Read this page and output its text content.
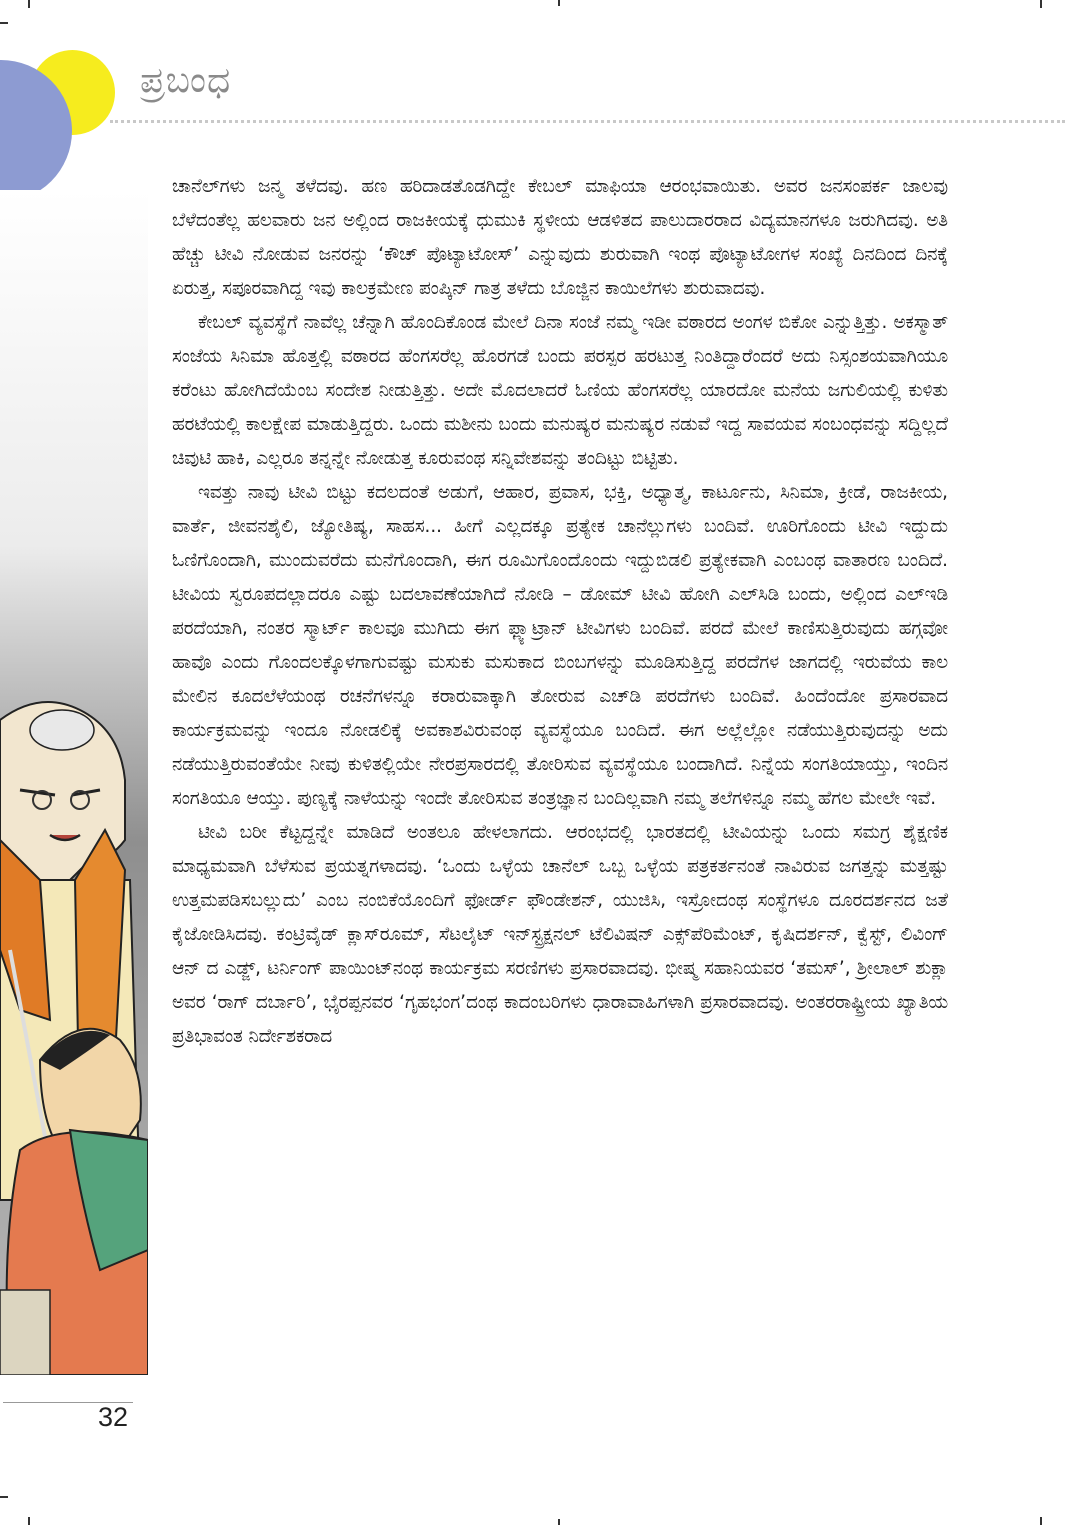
ಪ್ರಬಂಧ

ಚಾನೆಲ್‌ಗಳು ಜನ್ಮ ತಳೆದವು. ಹಣ ಹರಿದಾಡತೊಡಗಿದ್ದೇ ಕೇಬಲ್ ಮಾಫಿಯಾ ಆರಂಭವಾಯಿತು. ಅವರ ಜನಸಂಪರ್ಕ ಜಾಲವು ಬೆಳೆದಂತೆಲ್ಲ ಹಲವಾರು ಜನ ಅಲ್ಲಿಂದ ರಾಜಕೀಯಕ್ಕೆ ಧುಮುಕಿ ಸ್ಥಳೀಯ ಆಡಳಿತದ ಪಾಲುದಾರರಾದ ವಿದ್ಯಮಾನಗಳೂ ಜರುಗಿದವು. ಅತಿ ಹೆಚ್ಚು ಟೀವಿ ನೋಡುವ ಜನರನ್ನು ‘ಕೌಚ್ ಪೊಟ್ಯಾಟೋಸ್’ ಎನ್ನುವುದು ಶುರುವಾಗಿ ಇಂಥ ಪೊಟ್ಯಾಟೋಗಳ ಸಂಖ್ಯೆ ದಿನದಿಂದ ದಿನಕ್ಕೆ ಏರುತ್ತ, ಸಪೂರವಾಗಿದ್ದ ಇವು ಕಾಲಕ್ರಮೇಣ ಪಂಪ್ಕಿನ್ ಗಾತ್ರ ತಳೆದು ಬೊಜ್ಜಿನ ಕಾಯಿಲೆಗಳು ಶುರುವಾದವು.

ಕೇಬಲ್ ವ್ಯವಸ್ಥೆಗೆ ನಾವೆಲ್ಲ ಚೆನ್ನಾಗಿ ಹೊಂದಿಕೊಂಡ ಮೇಲೆ ದಿನಾ ಸಂಜೆ ನಮ್ಮ ಇಡೀ ವಠಾರದ ಅಂಗಳ ಬಿಕೋ ಎನ್ನುತ್ತಿತ್ತು. ಅಕಸ್ಮಾತ್ ಸಂಜೆಯ ಸಿನಿಮಾ ಹೊತ್ತಲ್ಲಿ ವಠಾರದ ಹೆಂಗಸರೆಲ್ಲ ಹೊರಗಡೆ ಬಂದು ಪರಸ್ಪರ ಹರಟುತ್ತ ನಿಂತಿದ್ದಾರೆಂದರೆ ಅದು ನಿಸ್ಸಂಶಯವಾಗಿಯೂ ಕರೆಂಟು ಹೋಗಿದೆಯೆಂಬ ಸಂದೇಶ ನೀಡುತ್ತಿತ್ತು. ಅದೇ ಮೊದಲಾದರೆ ಓಣಿಯ ಹೆಂಗಸರೆಲ್ಲ ಯಾರದೋ ಮನೆಯ ಜಗುಲಿಯಲ್ಲಿ ಕುಳಿತು ಹರಟೆಯಲ್ಲಿ ಕಾಲಕ್ಷೇಪ ಮಾಡುತ್ತಿದ್ದರು. ಒಂದು ಮಶೀನು ಬಂದು ಮನುಷ್ಯರ ಮನುಷ್ಯರ ನಡುವೆ ಇದ್ದ ಸಾವಯವ ಸಂಬಂಧವನ್ನು ಸದ್ದಿಲ್ಲದೆ ಚಿವುಟಿ ಹಾಕಿ, ಎಲ್ಲರೂ ತನ್ನನ್ನೇ ನೋಡುತ್ತ ಕೂರುವಂಥ ಸನ್ನಿವೇಶವನ್ನು ತಂದಿಟ್ಟು ಬಿಟ್ಟಿತು.

ಇವತ್ತು ನಾವು ಟೀವಿ ಬಿಟ್ಟು ಕದಲದಂತೆ ಅಡುಗೆ, ಆಹಾರ, ಪ್ರವಾಸ, ಭಕ್ತಿ, ಅಧ್ಯಾತ್ಮ, ಕಾರ್ಟೂನು, ಸಿನಿಮಾ, ಕ್ರೀಡೆ, ರಾಜಕೀಯ, ವಾರ್ತೆ, ಜೀವನಶೈಲಿ, ಜ್ಯೋತಿಷ್ಯ, ಸಾಹಸ... ಹೀಗೆ ಎಲ್ಲದಕ್ಕೂ ಪ್ರತ್ಯೇಕ ಚಾನೆಲ್ಲುಗಳು ಬಂದಿವೆ. ಊರಿಗೊಂದು ಟೀವಿ ಇದ್ದುದು ಓಣಿಗೊಂದಾಗಿ, ಮುಂದುವರೆದು ಮನೆಗೊಂದಾಗಿ, ಈಗ ರೂಮಿಗೊಂದೊಂದು ಇದ್ದುಬಿಡಲಿ ಪ್ರತ್ಯೇಕವಾಗಿ ಎಂಬಂಥ ವಾತಾರಣ ಬಂದಿದೆ. ಟೀವಿಯ ಸ್ವರೂಪದಲ್ಲಾದರೂ ಎಷ್ಟು ಬದಲಾವಣೆಯಾಗಿದೆ ನೋಡಿ – ಡೋಮ್ ಟೀವಿ ಹೋಗಿ ಎಲ್‌ಸಿಡಿ ಬಂದು, ಅಲ್ಲಿಂದ ಎಲ್‌ಇಡಿ ಪರದೆಯಾಗಿ, ನಂತರ ಸ್ಮಾರ್ಟ್ ಕಾಲವೂ ಮುಗಿದು ಈಗ ಫ್ಲ್ಯಾಟ್ರಾನ್ ಟೀವಿಗಳು ಬಂದಿವೆ. ಪರದೆ ಮೇಲೆ ಕಾಣಿಸುತ್ತಿರುವುದು ಹಗ್ಗವೋ ಹಾವೊ ಎಂದು ಗೊಂದಲಕ್ಕೊಳಗಾಗುವಷ್ಟು ಮಸುಕು ಮಸುಕಾದ ಬಿಂಬಗಳನ್ನು ಮೂಡಿಸುತ್ತಿದ್ದ ಪರದೆಗಳ ಜಾಗದಲ್ಲಿ ಇರುವೆಯ ಕಾಲ ಮೇಲಿನ ಕೂದಲೆಳೆಯಂಥ ರಚನೆಗಳನ್ನೂ ಕರಾರುವಾಕ್ಕಾಗಿ ತೋರುವ ಎಚ್‌ಡಿ ಪರದೆಗಳು ಬಂದಿವೆ. ಹಿಂದೆಂದೋ ಪ್ರಸಾರವಾದ ಕಾರ್ಯಕ್ರಮವನ್ನು ಇಂದೂ ನೋಡಲಿಕ್ಕೆ ಅವಕಾಶವಿರುವಂಥ ವ್ಯವಸ್ಥೆಯೂ ಬಂದಿದೆ. ಈಗ ಅಲ್ಲೆಲ್ಲೋ ನಡೆಯುತ್ತಿರುವುದನ್ನು ಅದು ನಡೆಯುತ್ತಿರುವಂತೆಯೇ ನೀವು ಕುಳಿತಲ್ಲಿಯೇ ನೇರಪ್ರಸಾರದಲ್ಲಿ ತೋರಿಸುವ ವ್ಯವಸ್ಥೆಯೂ ಬಂದಾಗಿದೆ. ನಿನ್ನೆಯ ಸಂಗತಿಯಾಯ್ತು, ಇಂದಿನ ಸಂಗತಿಯೂ ಆಯ್ತು. ಪುಣ್ಯಕ್ಕೆ ನಾಳೆಯನ್ನು ಇಂದೇ ತೋರಿಸುವ ತಂತ್ರಜ್ಞಾನ ಬಂದಿಲ್ಲವಾಗಿ ನಮ್ಮ ತಲೆಗಳಿನ್ನೂ ನಮ್ಮ ಹೆಗಲ ಮೇಲೇ ಇವೆ.

ಟೀವಿ ಬರೀ ಕೆಟ್ಟದ್ದನ್ನೇ ಮಾಡಿದೆ ಅಂತಲೂ ಹೇಳಲಾಗದು. ಆರಂಭದಲ್ಲಿ ಭಾರತದಲ್ಲಿ ಟೀವಿಯನ್ನು ಒಂದು ಸಮಗ್ರ ಶೈಕ್ಷಣಿಕ ಮಾಧ್ಯಮವಾಗಿ ಬೆಳೆಸುವ ಪ್ರಯತ್ನಗಳಾದವು. ‘ಒಂದು ಒಳ್ಳೆಯ ಚಾನೆಲ್ ಒಬ್ಬ ಒಳ್ಳೆಯ ಪತ್ರಕರ್ತನಂತೆ ನಾವಿರುವ ಜಗತ್ತನ್ನು ಮತ್ತಷ್ಟು ಉತ್ತಮಪಡಿಸಬಲ್ಲುದು’ ಎಂಬ ನಂಬಿಕೆಯೊಂದಿಗೆ ಫೋರ್ಡ್ ಫೌಂಡೇಶನ್, ಯುಜಿಸಿ, ಇಸ್ರೋದಂಥ ಸಂಸ್ಥೆಗಳೂ ದೂರದರ್ಶನದ ಜತೆ ಕೈಜೋಡಿಸಿದವು. ಕಂಟ್ರಿವೈಡ್ ಕ್ಲಾಸ್‌ರೂಮ್, ಸೆಟಲೈಟ್ ಇನ್‌ಸ್ಟ್ರಕ್ಷನಲ್ ಟೆಲಿವಿಷನ್ ಎಕ್ಸ್‌ಪೆರಿಮೆಂಟ್, ಕೃಷಿದರ್ಶನ್, ಕ್ವೆಸ್ಟ್, ಲಿವಿಂಗ್ ಆನ್ ದ ಎಡ್ಜ್, ಟರ್ನಿಂಗ್ ಪಾಯಿಂಟ್‌ನಂಥ ಕಾರ್ಯಕ್ರಮ ಸರಣಿಗಳು ಪ್ರಸಾರವಾದವು. ಭೀಷ್ಮ ಸಹಾನಿಯವರ ‘ತಮಸ್’, ಶ್ರೀಲಾಲ್ ಶುಕ್ಲಾ ಅವರ ‘ರಾಗ್ ದರ್ಬಾರಿ’, ಭೈರಪ್ಪನವರ ‘ಗೃಹಭಂಗ’ದಂಥ ಕಾದಂಬರಿಗಳು ಧಾರಾವಾಹಿಗಳಾಗಿ ಪ್ರಸಾರವಾದವು. ಅಂತರರಾಷ್ಟ್ರೀಯ ಖ್ಯಾತಿಯ ಪ್ರತಿಭಾವಂತ ನಿರ್ದೇಶಕರಾದ

32
